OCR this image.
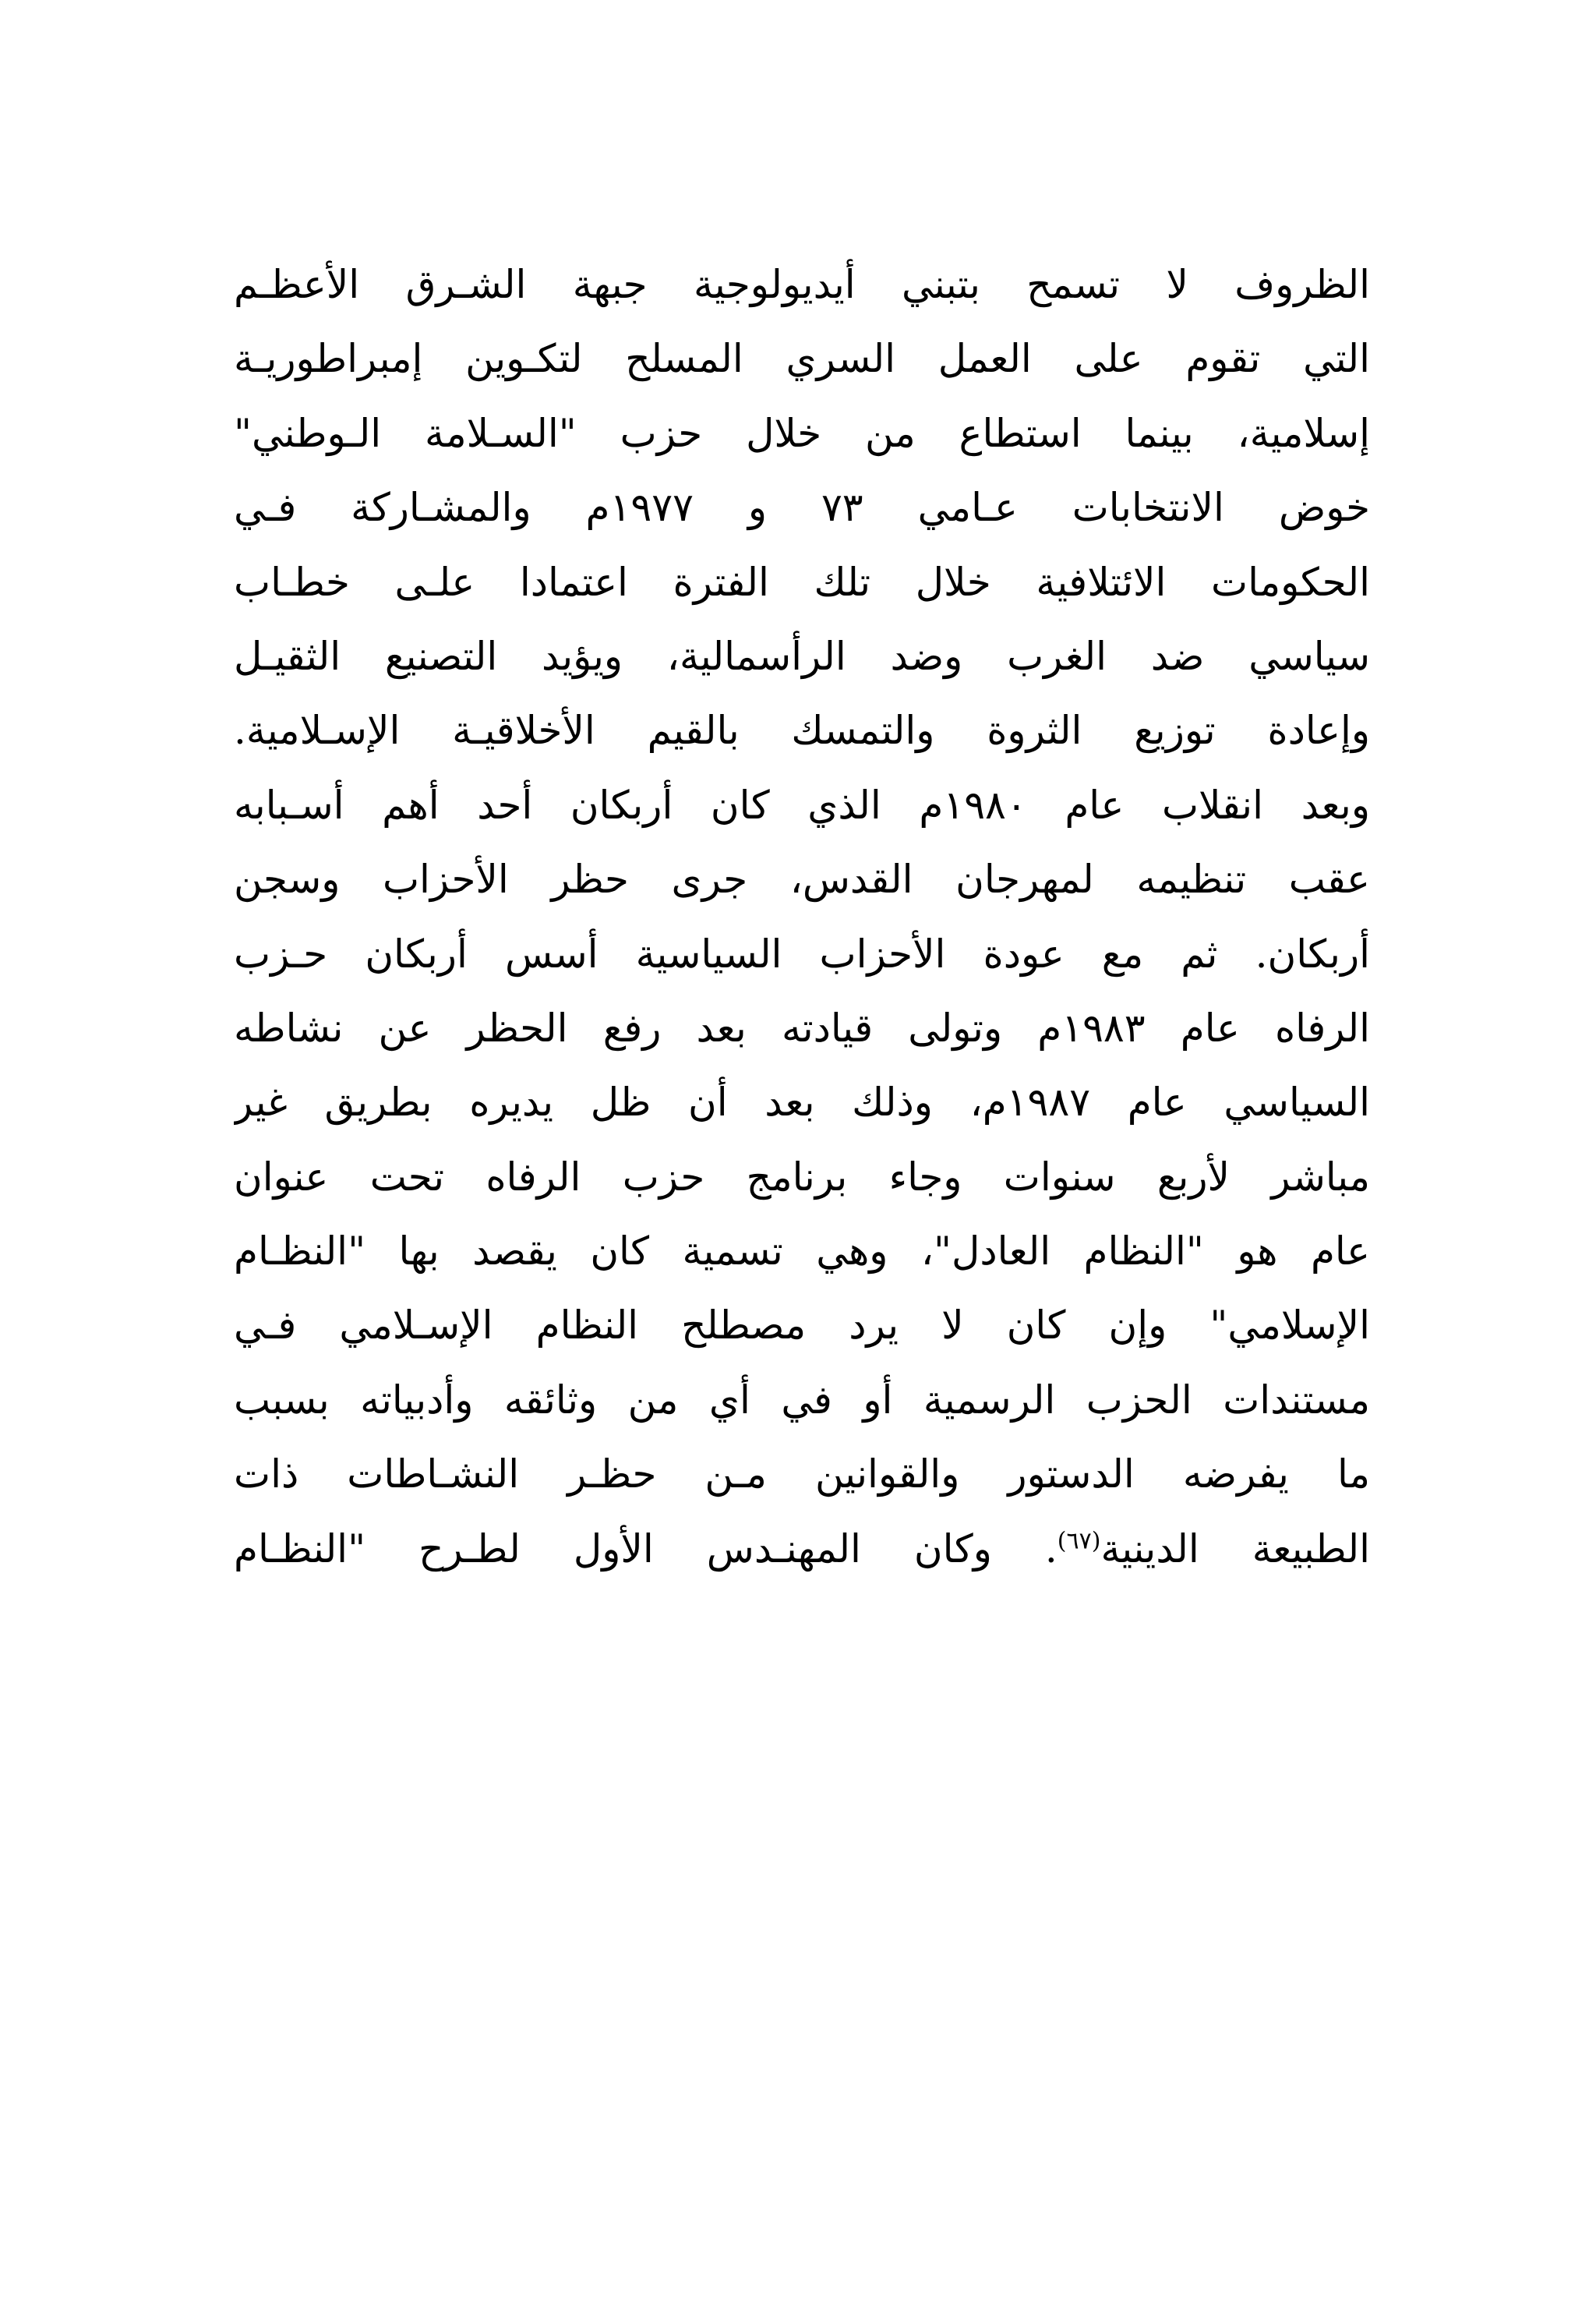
الظروف لا تسمح بتبني أيديولوجية جبهة الشـرق الأعظـم
التي تقوم على العمل السري المسلح لتكـوين إمبراطوريـة
إسلامية، بينما استطاع من خلال حزب "السـلامة الـوطني"
خوض الانتخابات عـامي ٧٣ و ١٩٧٧م والمشـاركة فـي
الحكومات الائتلافية خلال تلك الفترة اعتمادا علـى خطـاب
سياسي ضد الغرب وضد الرأسمالية، ويؤيد التصنيع الثقيـل
وإعادة توزيع الثروة والتمسك بالقيم الأخلاقيـة الإسـلامية.
وبعد انقلاب عام ١٩٨٠م الذي كان أربكان أحد أهم أسـبابه
عقب تنظيمه لمهرجان القدس، جرى حظر الأحزاب وسجن
أربكان. ثم مع عودة الأحزاب السياسية أسس أربكان حـزب
الرفاه عام ١٩٨٣م وتولى قيادته بعد رفع الحظر عن نشاطه
السياسي عام ١٩٨٧م، وذلك بعد أن ظل يديره بطريق غير
مباشر لأربع سنوات وجاء برنامج حزب الرفاه تحت عنوان
عام هو "النظام العادل"، وهي تسمية كان يقصد بها "النظـام
الإسلامي" وإن كان لا يرد مصطلح النظام الإسـلامي فـي
مستندات الحزب الرسمية أو في أي من وثائقه وأدبياته بسبب
ما يفرضه الدستور والقوانين مـن حظـر النشـاطات ذات
الطبيعة الدينية$^{(٦٧)}$. وكان المهنـدس الأول لطـرح "النظـام
